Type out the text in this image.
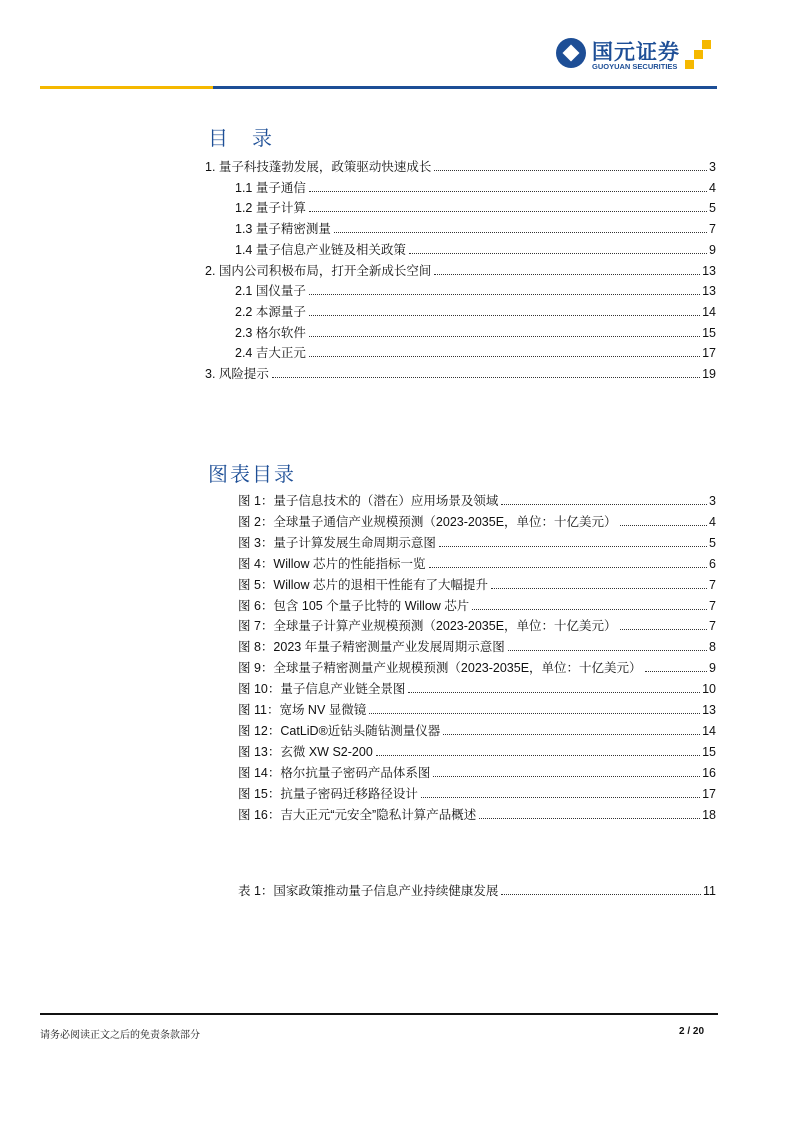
国元证券
GUOYUAN SECURITIES
目　录
1. 量子科技蓬勃发展，政策驱动快速成长	3
1.1 量子通信	4
1.2 量子计算	5
1.3 量子精密测量	7
1.4 量子信息产业链及相关政策	9
2. 国内公司积极布局，打开全新成长空间	13
2.1 国仪量子	13
2.2 本源量子	14
2.3 格尔软件	15
2.4 吉大正元	17
3. 风险提示	19
图表目录
图 1：量子信息技术的（潜在）应用场景及领域	3
图 2：全球量子通信产业规模预测（2023-2035E，单位：十亿美元）	4
图 3：量子计算发展生命周期示意图	5
图 4：Willow 芯片的性能指标一览	6
图 5：Willow 芯片的退相干性能有了大幅提升	7
图 6：包含 105 个量子比特的 Willow 芯片	7
图 7：全球量子计算产业规模预测（2023-2035E，单位：十亿美元）	7
图 8：2023 年量子精密测量产业发展周期示意图	8
图 9：全球量子精密测量产业规模预测（2023-2035E，单位：十亿美元）	9
图 10：量子信息产业链全景图	10
图 11：宽场 NV 显微镜	13
图 12：CatLiD®近钻头随钻测量仪器	14
图 13：玄微 XW S2-200	15
图 14：格尔抗量子密码产品体系图	16
图 15：抗量子密码迁移路径设计	17
图 16：吉大正元“元安全”隐私计算产品概述	18
表 1：国家政策推动量子信息产业持续健康发展	11
请务必阅读正文之后的免责条款部分	2 / 20
